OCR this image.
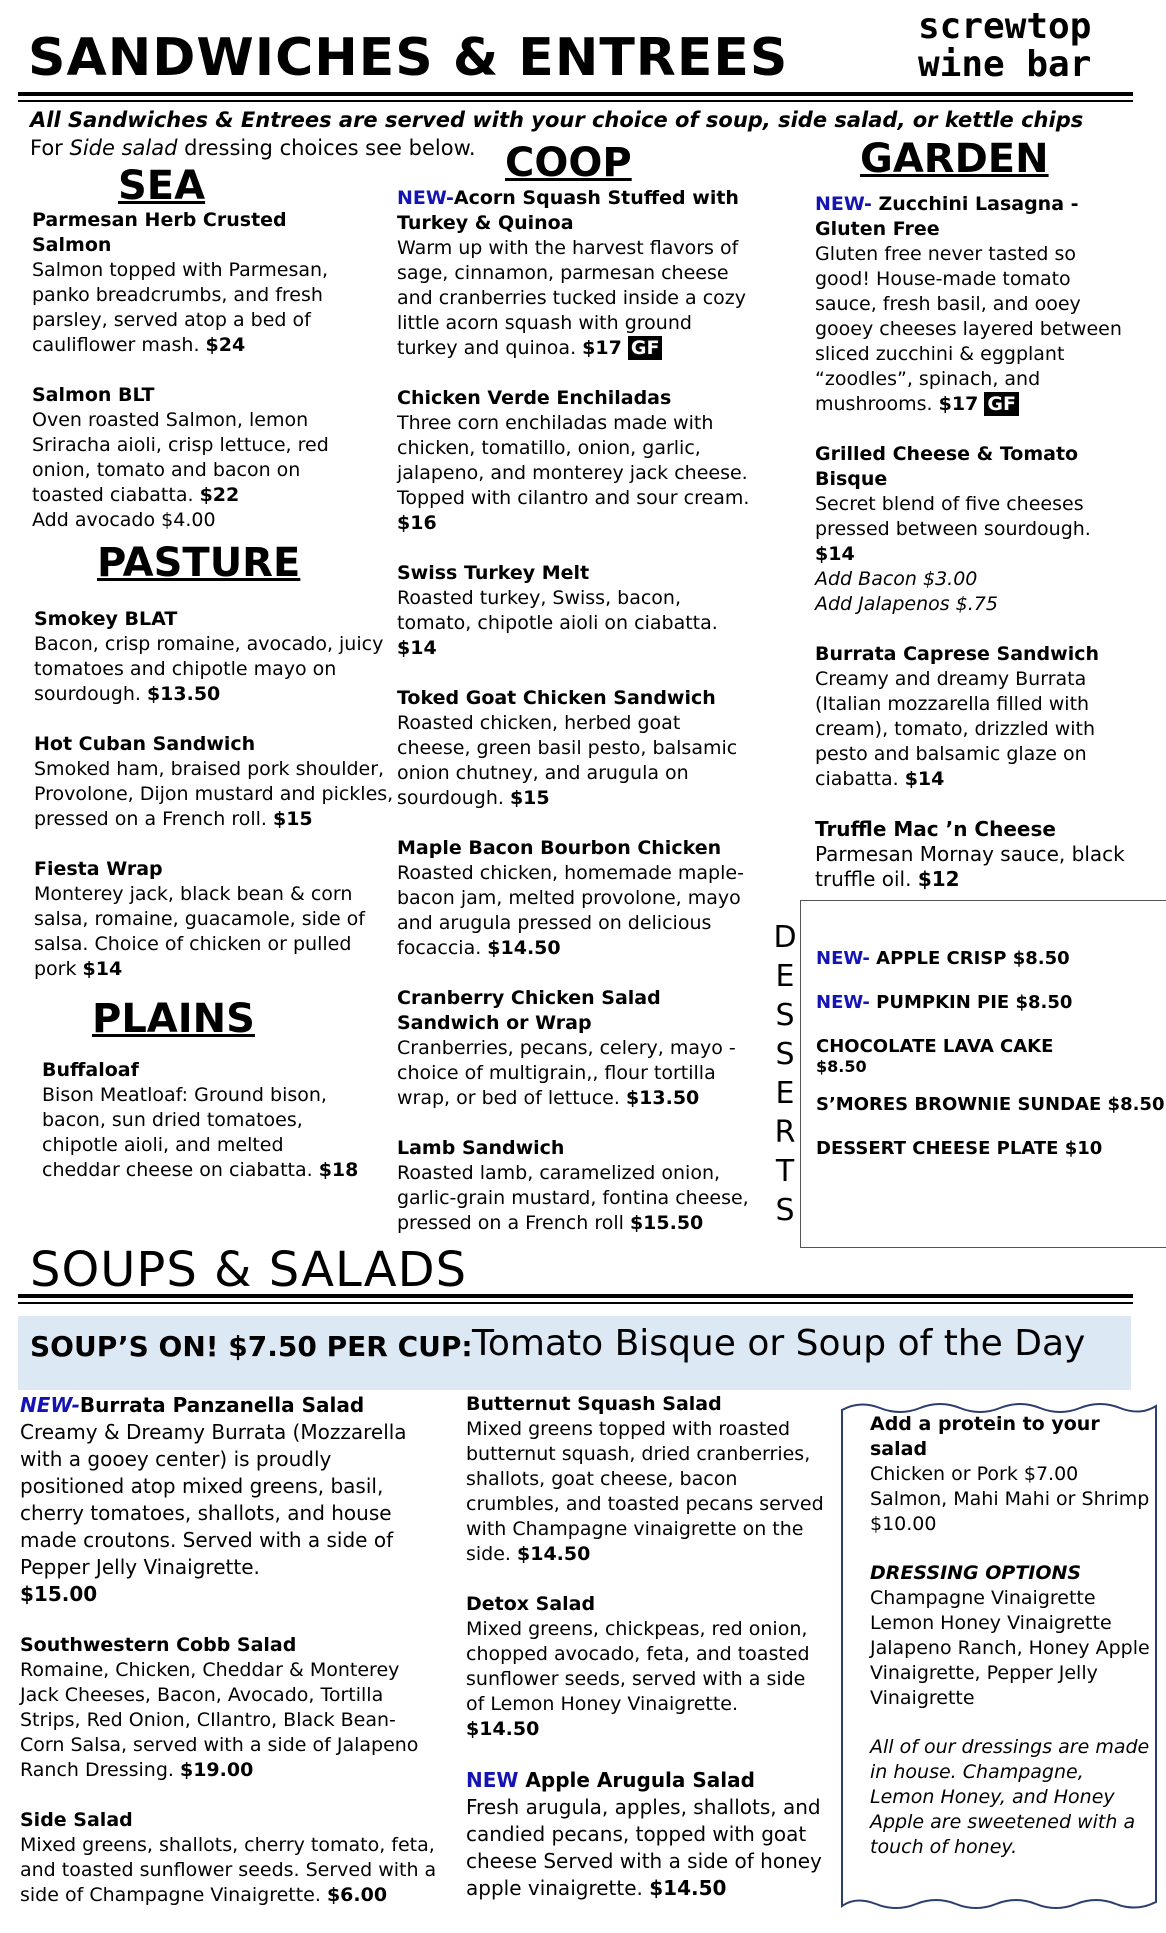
SANDWICHES & ENTREES
screwtop
wine bar
All Sandwiches & Entrees are served with your choice of soup, side salad, or kettle chips
For Side salad dressing choices see below.
SEA
PASTURE
PLAINS
COOP	GARDEN
Parmesan Herb Crusted Salmon
Salmon topped with Parmesan, panko breadcrumbs, and fresh parsley, served atop a bed of cauliflower mash. $24
Salmon BLT
Oven roasted Salmon, lemon Sriracha aioli, crisp lettuce, red onion, tomato and bacon on toasted ciabatta. $22
Add avocado $4.00
Smokey BLAT
Bacon, crisp romaine, avocado, juicy tomatoes and chipotle mayo on sourdough. $13.50
Hot Cuban Sandwich
Smoked ham, braised pork shoulder, Provolone, Dijon mustard and pickles, pressed on a French roll. $15
Fiesta Wrap
Monterey jack, black bean & corn salsa, romaine, guacamole, side of salsa. Choice of chicken or pulled pork $14
Buffaloaf
Bison Meatloaf: Ground bison, bacon, sun dried tomatoes, chipotle aioli, and melted cheddar cheese on ciabatta. $18
NEW-Acorn Squash Stuffed with Turkey & Quinoa
Warm up with the harvest flavors of sage, cinnamon, parmesan cheese and cranberries tucked inside a cozy little acorn squash with ground turkey and quinoa. $17 GF
Chicken Verde Enchiladas
Three corn enchiladas made with chicken, tomatillo, onion, garlic, jalapeno, and monterey jack cheese. Topped with cilantro and sour cream. $16
Swiss Turkey Melt
Roasted turkey, Swiss, bacon, tomato, chipotle aioli on ciabatta. $14
Toked Goat Chicken Sandwich
Roasted chicken, herbed goat cheese, green basil pesto, balsamic onion chutney, and arugula on sourdough. $15
Maple Bacon Bourbon Chicken
Roasted chicken, homemade maple-bacon jam, melted provolone, mayo and arugula pressed on delicious focaccia. $14.50
Cranberry Chicken Salad Sandwich or Wrap
Cranberries, pecans, celery, mayo - choice of multigrain,, flour tortilla wrap, or bed of lettuce. $13.50
Lamb Sandwich
Roasted lamb, caramelized onion, garlic-grain mustard, fontina cheese, pressed on a French roll $15.50
NEW- Zucchini Lasagna - Gluten Free
Gluten free never tasted so good! House-made tomato sauce, fresh basil, and ooey gooey cheeses layered between sliced zucchini & eggplant “zoodles”, spinach, and mushrooms. $17 GF
Grilled Cheese & Tomato Bisque
Secret blend of five cheeses pressed between sourdough. $14
Add Bacon $3.00
Add Jalapenos $.75
Burrata Caprese Sandwich
Creamy and dreamy Burrata (Italian mozzarella filled with cream), tomato, drizzled with pesto and balsamic glaze on ciabatta. $14
Truffle Mac ’n Cheese
Parmesan Mornay sauce, black truffle oil. $12
D
E
S
S
E
R
T
S
NEW- APPLE CRISP $8.50
NEW- PUMPKIN PIE $8.50
CHOCOLATE LAVA CAKE
$8.50
S’MORES BROWNIE SUNDAE $8.50
DESSERT CHEESE PLATE $10
SOUPS & SALADS
SOUP’S ON! $7.50 PER CUP: Tomato Bisque or Soup of the Day
NEW-Burrata Panzanella Salad
Creamy & Dreamy Burrata (Mozzarella with a gooey center) is proudly positioned atop mixed greens, basil, cherry tomatoes, shallots, and house made croutons. Served with a side of Pepper Jelly Vinaigrette.
$15.00
Southwestern Cobb Salad
Romaine, Chicken, Cheddar & Monterey Jack Cheeses, Bacon, Avocado, Tortilla Strips, Red Onion, CIlantro, Black Bean-Corn Salsa, served with a side of Jalapeno Ranch Dressing. $19.00
Side Salad
Mixed greens, shallots, cherry tomato, feta, and toasted sunflower seeds. Served with a side of Champagne Vinaigrette. $6.00
Butternut Squash Salad
Mixed greens topped with roasted butternut squash, dried cranberries, shallots, goat cheese, bacon crumbles, and toasted pecans served with Champagne vinaigrette on the side. $14.50
Detox Salad
Mixed greens, chickpeas, red onion, chopped avocado, feta, and toasted sunflower seeds, served with a side of Lemon Honey Vinaigrette.
$14.50
NEW Apple Arugula Salad
Fresh arugula, apples, shallots, and candied pecans, topped with goat cheese Served with a side of honey apple vinaigrette. $14.50
Add a protein to your salad
Chicken or Pork $7.00
Salmon, Mahi Mahi or Shrimp $10.00
DRESSING OPTIONS
Champagne Vinaigrette Lemon Honey Vinaigrette Jalapeno Ranch, Honey Apple Vinaigrette, Pepper Jelly Vinaigrette
All of our dressings are made in house. Champagne, Lemon Honey, and Honey Apple are sweetened with a touch of honey.
